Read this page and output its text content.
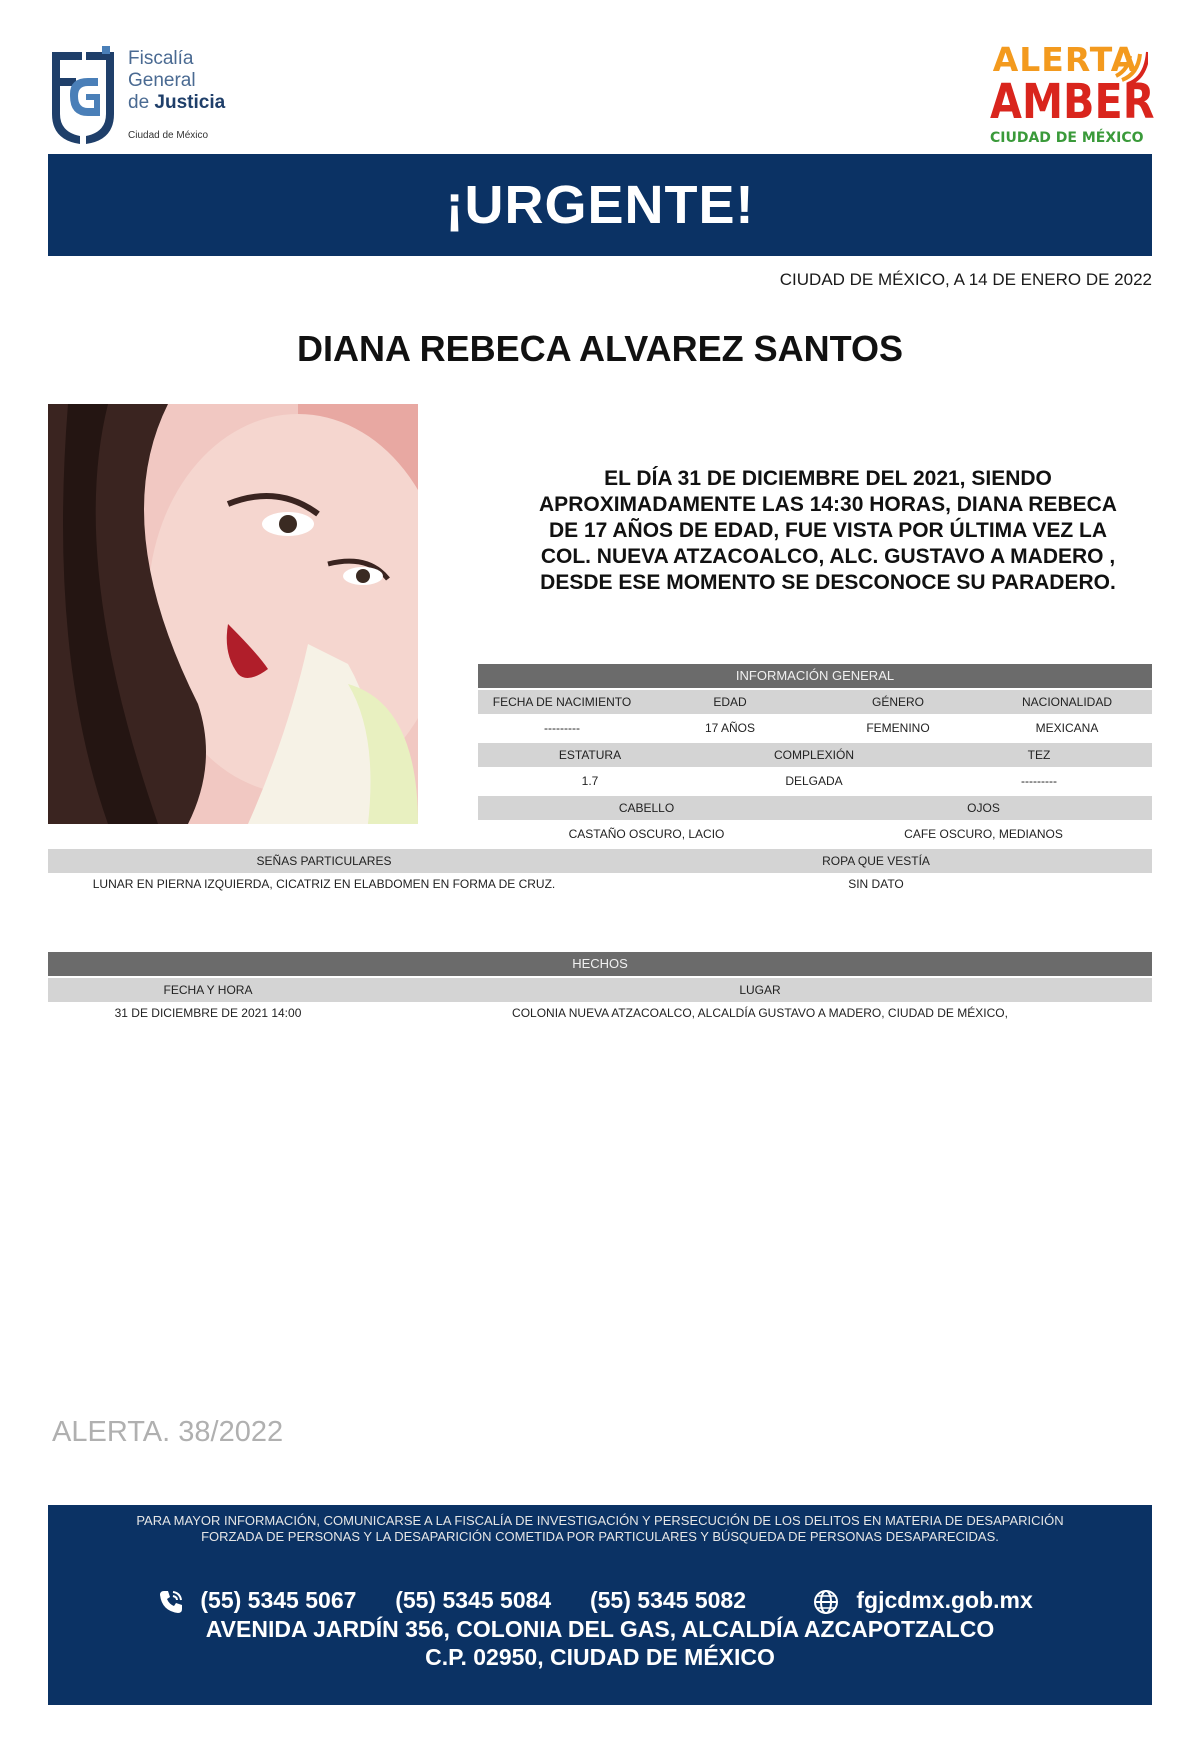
Fiscalía
General
de Justicia
Ciudad de México
ALERTA
AMBER
CIUDAD DE MÉXICO
¡URGENTE!
CIUDAD DE MÉXICO, A 14 DE ENERO DE 2022
DIANA REBECA ALVAREZ SANTOS
EL DÍA 31 DE DICIEMBRE DEL 2021, SIENDO
APROXIMADAMENTE LAS 14:30 HORAS, DIANA REBECA
DE 17 AÑOS DE EDAD, FUE VISTA POR ÚLTIMA VEZ LA
COL. NUEVA ATZACOALCO, ALC. GUSTAVO A MADERO ,
DESDE ESE MOMENTO SE DESCONOCE SU PARADERO.
INFORMACIÓN GENERAL
FECHA DE NACIMIENTO	EDAD	GÉNERO	NACIONALIDAD
---------	17 AÑOS	FEMENINO	MEXICANA
ESTATURA	COMPLEXIÓN	TEZ
1.7	DELGADA	---------
CABELLO	OJOS
CASTAÑO OSCURO, LACIO	CAFE OSCURO, MEDIANOS
SEÑAS PARTICULARES	ROPA QUE VESTÍA
LUNAR EN PIERNA IZQUIERDA, CICATRIZ EN ELABDOMEN EN FORMA DE CRUZ.	SIN DATO
HECHOS
FECHA Y HORA	LUGAR
31 DE DICIEMBRE DE 2021 14:00	COLONIA NUEVA ATZACOALCO, ALCALDÍA GUSTAVO A MADERO, CIUDAD DE MÉXICO,
ALERTA. 38/2022
PARA MAYOR INFORMACIÓN, COMUNICARSE A LA FISCALÍA DE INVESTIGACIÓN Y PERSECUCIÓN DE LOS DELITOS EN MATERIA DE DESAPARICIÓN
FORZADA DE PERSONAS Y LA DESAPARICIÓN COMETIDA POR PARTICULARES Y BÚSQUEDA DE PERSONAS DESAPARECIDAS.
(55) 5345 5067 (55) 5345 5084 (55) 5345 5082	fgjcdmx.gob.mx
AVENIDA JARDÍN 356, COLONIA DEL GAS, ALCALDÍA AZCAPOTZALCO
C.P. 02950, CIUDAD DE MÉXICO
